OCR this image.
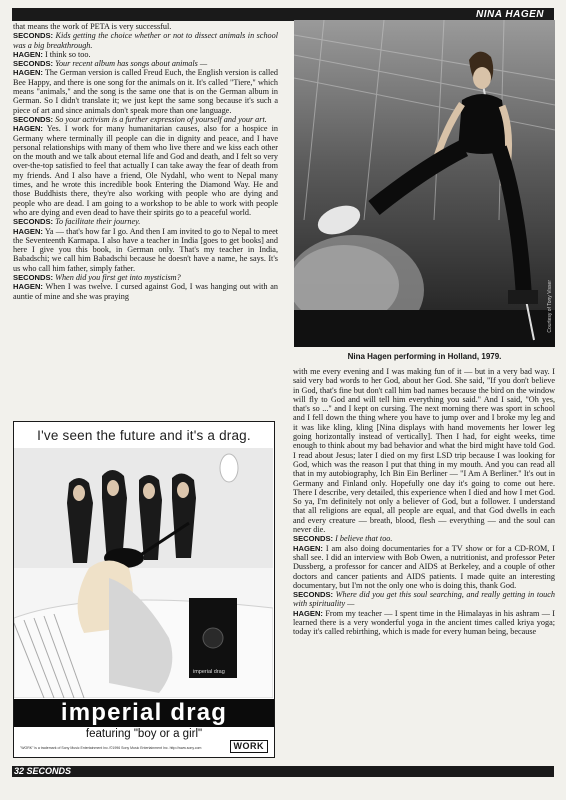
NINA HAGEN

that means the work of PETA is very successful.

SECONDS: Kids getting the choice whether or not to dissect animals in school was a big breakthrough.

HAGEN: I think so too.

SECONDS: Your recent album has songs about animals —

HAGEN: The German version is called Freud Euch, the English version is called Bee Happy, and there is one song for the animals on it. It's called "Tiere," which means "animals," and the song is the same one that is on the German album in German. So I didn't translate it; we just kept the same song because it's such a piece of art and since animals don't speak more than one language.

SECONDS: So your activism is a further expression of yourself and your art.

HAGEN: Yes. I work for many humanitarian causes, also for a hospice in Germany where terminally ill people can die in dignity and peace, and I have personal relationships with many of them who live there and we kiss each other on the mouth and we talk about eternal life and God and death, and I felt so very over-the-top satisfied to feel that actually I can take away the fear of death from my friends. And I also have a friend, Ole Nydahl, who went to Nepal many times, and he wrote this incredible book Entering the Diamond Way. He and those Buddhists there, they're also working with people who are dying and people who are dead. I am going to a workshop to be able to work with people who are dying and even dead to have their spirits go to a peaceful world.

SECONDS: To facilitate their journey.

HAGEN: Ya — that's how far I go. And then I am invited to go to Nepal to meet the Seventeenth Karmapa. I also have a teacher in India [goes to get books] and here I give you this book, in German only. That's my teacher in India, Babadschi; we call him Babadschi because he doesn't have a name, he says. It's us who call him father, simply father.

SECONDS: When did you first get into mysticism?

HAGEN: When I was twelve. I cursed against God, I was hanging out with an auntie of mine and she was praying	Courtesy of Tony Visser
Nina Hagen performing in Holland, 1979.

with me every evening and I was making fun of it — but in a very bad way. I said very bad words to her God, about her God. She said, "If you don't believe in God, that's fine but don't call him bad names because the bird on the window will fly to God and will tell him everything you said." And I said, "Oh yes, that's so ..." and I kept on cursing. The next morning there was sport in school and I fell down the thing where you have to jump over and I broke my leg and it was like kling, kling [Nina displays with hand movements her lower leg going horizontally instead of vertically]. Then I had, for eight weeks, time enough to think about my bad behavior and what the bird might have told God. I read about Jesus; later I died on my first LSD trip because I was looking for God, which was the reason I put that thing in my mouth. And you can read all that in my autobiography, Ich Bin Ein Berliner — "I Am A Berliner." It's out in Germany and Finland only. Hopefully one day it's going to come out here. There I describe, very detailed, this experience when I died and how I met God. So ya, I'm definitely not only a believer of God, but a follower. I understand that all religions are equal, all people are equal, and that God dwells in each and every creature — breath, blood, flesh — everything — and the soul can never die.

SECONDS: I believe that too.

HAGEN: I am also doing documentaries for a TV show or for a CD-ROM, I shall see. I did an interview with Bob Owen, a nutritionist, and professor Peter Dussberg, a professor for cancer and AIDS at Berkeley, and a couple of other doctors and cancer patients and AIDS patients. I made quite an interesting documentary, but I'm not the only one who is doing this, thank God.

SECONDS: Where did you get this soul searching, and really getting in touch with spirituality —

HAGEN: From my teacher — I spent time in the Himalayas in his ashram — I learned there is a very wonderful yoga in the ancient times called kriya yoga; today it's called rebirthing, which is made for every human being, because

I've seen the future and it's a drag.
imperial drag
imperial drag
featuring "boy or a girl"
"WORK" is a trademark of Sony Music Entertainment Inc./©1996 Sony Music Entertainment Inc. http://www.sony.com	WORK
32 SECONDS
